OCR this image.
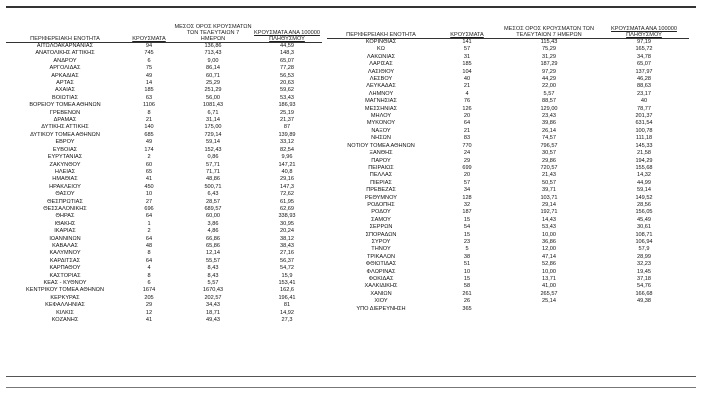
ΠΕΡΙΦΕΡΕΙΑΚΗ ΕΝΟΤΗΤΑ	ΚΡΟΥΣΜΑΤΑ	ΜΕΣΟΣ ΟΡΟΣ ΚΡΟΥΣΜΑΤΩΝ ΤΩΝ ΤΕΛΕΥΤΑΙΩΝ 7 ΗΜΕΡΩΝ	ΚΡΟΥΣΜΑΤΑ ΑΝΑ 100000 ΠΛΗΘΥΣΜΟΥ
ΑΙΤΩΛΟΑΚΑΡΝΑΝΙΑΣ	94	136,86	44,59
ΑΝΑΤΟΛΙΚΗΣ ΑΤΤΙΚΗΣ	745	713,43	148,3
ΑΝΔΡΟΥ	6	9,00	65,07
ΑΡΓΟΛΙΔΑΣ	75	86,14	77,28
ΑΡΚΑΔΙΑΣ	49	60,71	56,53
ΑΡΤΑΣ	14	25,29	20,63
ΑΧΑΪΑΣ	185	251,29	59,62
ΒΟΙΩΤΙΑΣ	63	56,00	53,43
ΒΟΡΕΙΟΥ ΤΟΜΕΑ ΑΘΗΝΩΝ	1106	1081,43	186,93
ΓΡΕΒΕΝΩΝ	8	6,71	25,19
ΔΡΑΜΑΣ	21	31,14	21,37
ΔΥΤΙΚΗΣ ΑΤΤΙΚΗΣ	140	175,00	87
ΔΥΤΙΚΟΥ ΤΟΜΕΑ ΑΘΗΝΩΝ	685	729,14	139,89
ΕΒΡΟΥ	49	59,14	33,12
ΕΥΒΟΙΑΣ	174	152,43	82,54
ΕΥΡΥΤΑΝΙΑΣ	2	0,86	9,96
ΖΑΚΥΝΘΟΥ	60	57,71	147,21
ΗΛΕΙΑΣ	65	71,71	40,8
ΗΜΑΘΙΑΣ	41	48,86	29,16
ΗΡΑΚΛΕΙΟΥ	450	500,71	147,3
ΘΑΣΟΥ	10	6,43	72,62
ΘΕΣΠΡΩΤΙΑΣ	27	28,57	61,95
ΘΕΣΣΑΛΟΝΙΚΗΣ	696	689,57	62,69
ΘΗΡΑΣ	64	60,00	338,93
ΙΘΑΚΗΣ	1	3,86	30,95
ΙΚΑΡΙΑΣ	2	4,86	20,24
ΙΩΑΝΝΙΝΩΝ	64	66,86	38,12
ΚΑΒΑΛΑΣ	48	65,86	38,43
ΚΑΛΥΜΝΟΥ	8	12,14	27,16
ΚΑΡΔΙΤΣΑΣ	64	55,57	56,37
ΚΑΡΠΑΘΟΥ	4	8,43	54,72
ΚΑΣΤΟΡΙΑΣ	8	8,43	15,9
ΚΕΑΣ - ΚΥΘΝΟΥ	6	5,57	153,41
ΚΕΝΤΡΙΚΟΥ ΤΟΜΕΑ ΑΘΗΝΩΝ	1674	1670,43	162,6
ΚΕΡΚΥΡΑΣ	205	202,57	196,41
ΚΕΦΑΛΛΗΝΙΑΣ	29	34,43	81
ΚΙΛΚΙΣ	12	18,71	14,92
ΚΟΖΑΝΗΣ	41	49,43	27,3
ΠΕΡΙΦΕΡΕΙΑΚΗ ΕΝΟΤΗΤΑ	ΚΡΟΥΣΜΑΤΑ	ΜΕΣΟΣ ΟΡΟΣ ΚΡΟΥΣΜΑΤΩΝ ΤΩΝ ΤΕΛΕΥΤΑΙΩΝ 7 ΗΜΕΡΩΝ	ΚΡΟΥΣΜΑΤΑ ΑΝΑ 100000 ΠΛΗΘΥΣΜΟΥ
ΚΟΡΙΝΘΙΑΣ	141	115,43	97,19
ΚΩ	57	75,29	165,72
ΛΑΚΩΝΙΑΣ	31	31,29	34,78
ΛΑΡΙΣΑΣ	185	187,29	65,07
ΛΑΣΙΘΙΟΥ	104	97,29	137,97
ΛΕΣΒΟΥ	40	44,29	46,28
ΛΕΥΚΑΔΑΣ	21	22,00	88,63
ΛΗΜΝΟΥ	4	5,57	23,17
ΜΑΓΝΗΣΙΑΣ	76	88,57	40
ΜΕΣΣΗΝΙΑΣ	126	129,00	78,77
ΜΗΛΟΥ	20	23,43	201,37
ΜΥΚΟΝΟΥ	64	39,86	631,54
ΝΑΞΟΥ	21	26,14	100,78
ΝΗΣΩΝ	83	74,57	111,18
ΝΟΤΙΟΥ ΤΟΜΕΑ ΑΘΗΝΩΝ	770	796,57	145,33
ΞΑΝΘΗΣ	24	30,57	21,58
ΠΑΡΟΥ	29	29,86	194,29
ΠΕΙΡΑΙΩΣ	699	720,57	155,68
ΠΕΛΛΑΣ	20	21,43	14,32
ΠΙΕΡΙΑΣ	57	50,57	44,99
ΠΡΕΒΕΖΑΣ	34	39,71	59,14
ΡΕΘΥΜΝΟΥ	128	103,71	149,52
ΡΟΔΟΠΗΣ	32	29,14	28,56
ΡΟΔΟΥ	187	192,71	156,05
ΣΑΜΟΥ	15	14,43	45,49
ΣΕΡΡΩΝ	54	53,43	30,61
ΣΠΟΡΑΔΩΝ	15	10,00	108,71
ΣΥΡΟΥ	23	36,86	106,94
ΤΗΝΟΥ	5	12,00	57,9
ΤΡΙΚΑΛΩΝ	38	47,14	28,99
ΦΘΙΩΤΙΔΑΣ	51	52,86	32,23
ΦΛΩΡΙΝΑΣ	10	10,00	19,45
ΦΩΚΙΔΑΣ	15	13,71	37,18
ΧΑΛΚΙΔΙΚΗΣ	58	41,00	54,76
ΧΑΝΙΩΝ	261	265,57	166,68
ΧΙΟΥ	26	25,14	49,38
ΥΠΟ ΔΙΕΡΕΥΝΗΣΗ	365		
